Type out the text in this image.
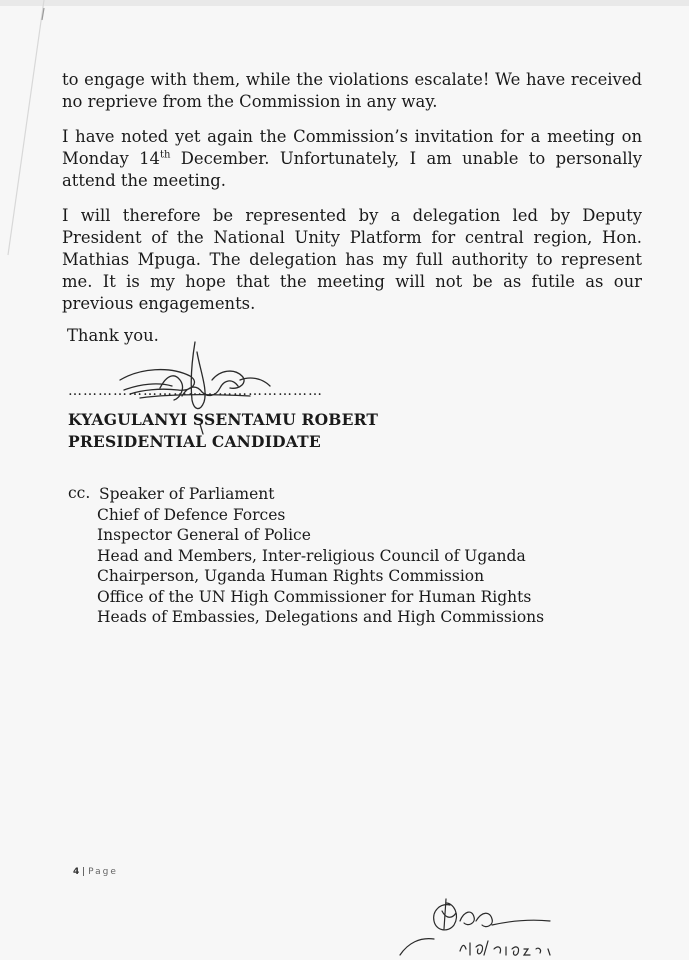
to engage with them, while the violations escalate! We have received no reprieve from the Commission in any way.

I have noted yet again the Commission’s invitation for a meeting on Monday 14th December. Unfortunately, I am unable to personally attend the meeting.

I will therefore be represented by a delegation led by Deputy President of the National Unity Platform for central region, Hon. Mathias Mpuga. The delegation has my full authority to represent me. It is my hope that the meeting will not be as futile as our previous engagements.

Thank you.

……………………………………………
KYAGULANYI SSENTAMU ROBERT
PRESIDENTIAL CANDIDATE
cc. Speaker of Parliament
Chief of Defence Forces
Inspector General of Police
Head and Members, Inter-religious Council of Uganda
Chairperson, Uganda Human Rights Commission
Office of the UN High Commissioner for Human Rights
Heads of Embassies, Delegations and High Commissions
4 | Page
